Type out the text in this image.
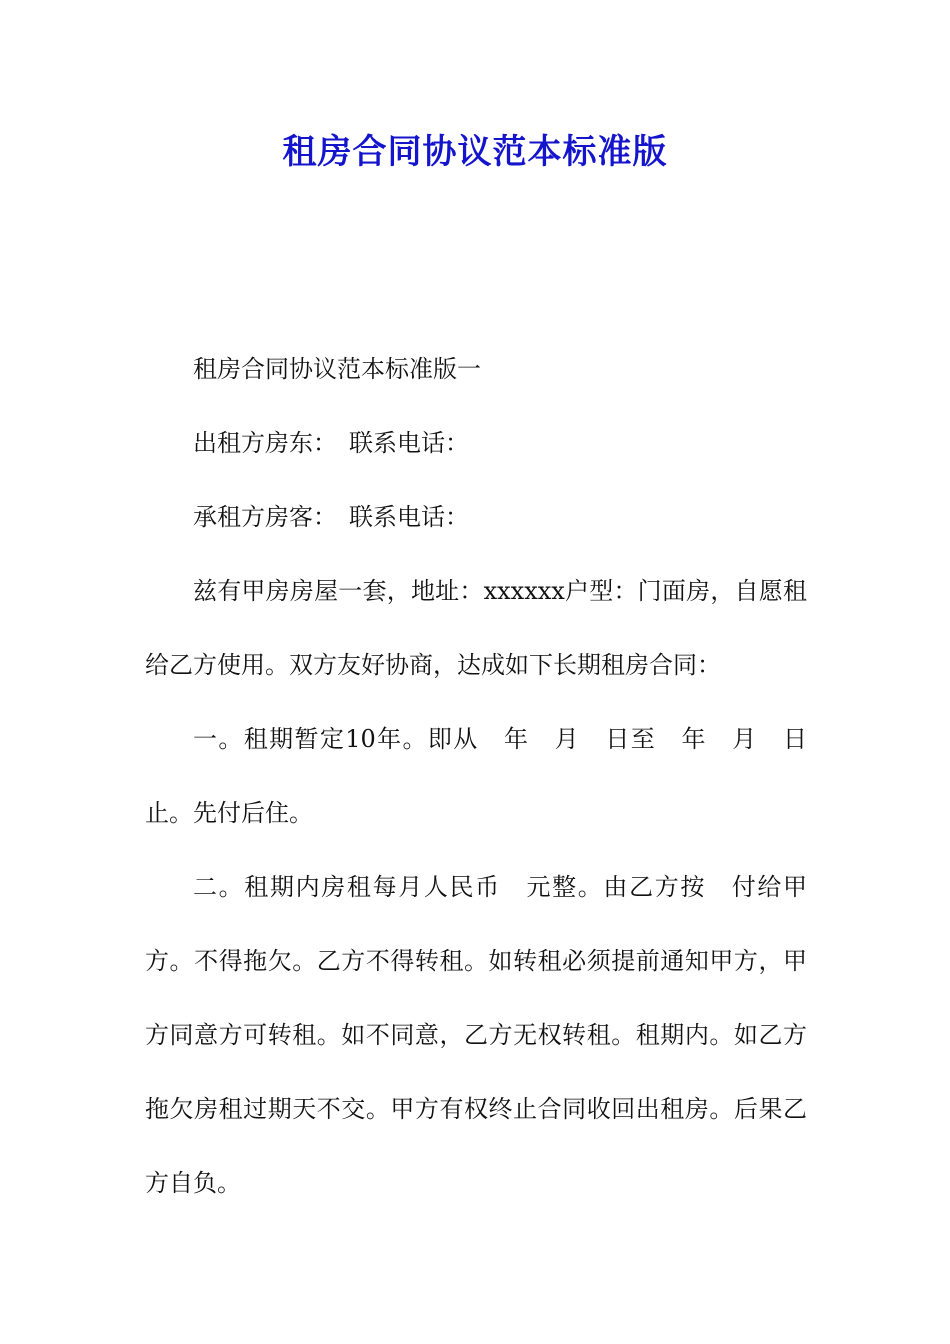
租房合同协议范本标准版

租房合同协议范本标准版一

出租方房东：　联系电话：

承租方房客：　联系电话：

兹有甲房房屋一套，地址：xxxxxx户型：门面房，自愿租给乙方使用。双方友好协商，达成如下长期租房合同：

一。租期暂定10年。即从　年　月　日至　年　月　日止。先付后住。

二。租期内房租每月人民币　元整。由乙方按　付给甲方。不得拖欠。乙方不得转租。如转租必须提前通知甲方，甲方同意方可转租。如不同意，乙方无权转租。租期内。如乙方拖欠房租过期天不交。甲方有权终止合同收回出租房。后果乙方自负。
